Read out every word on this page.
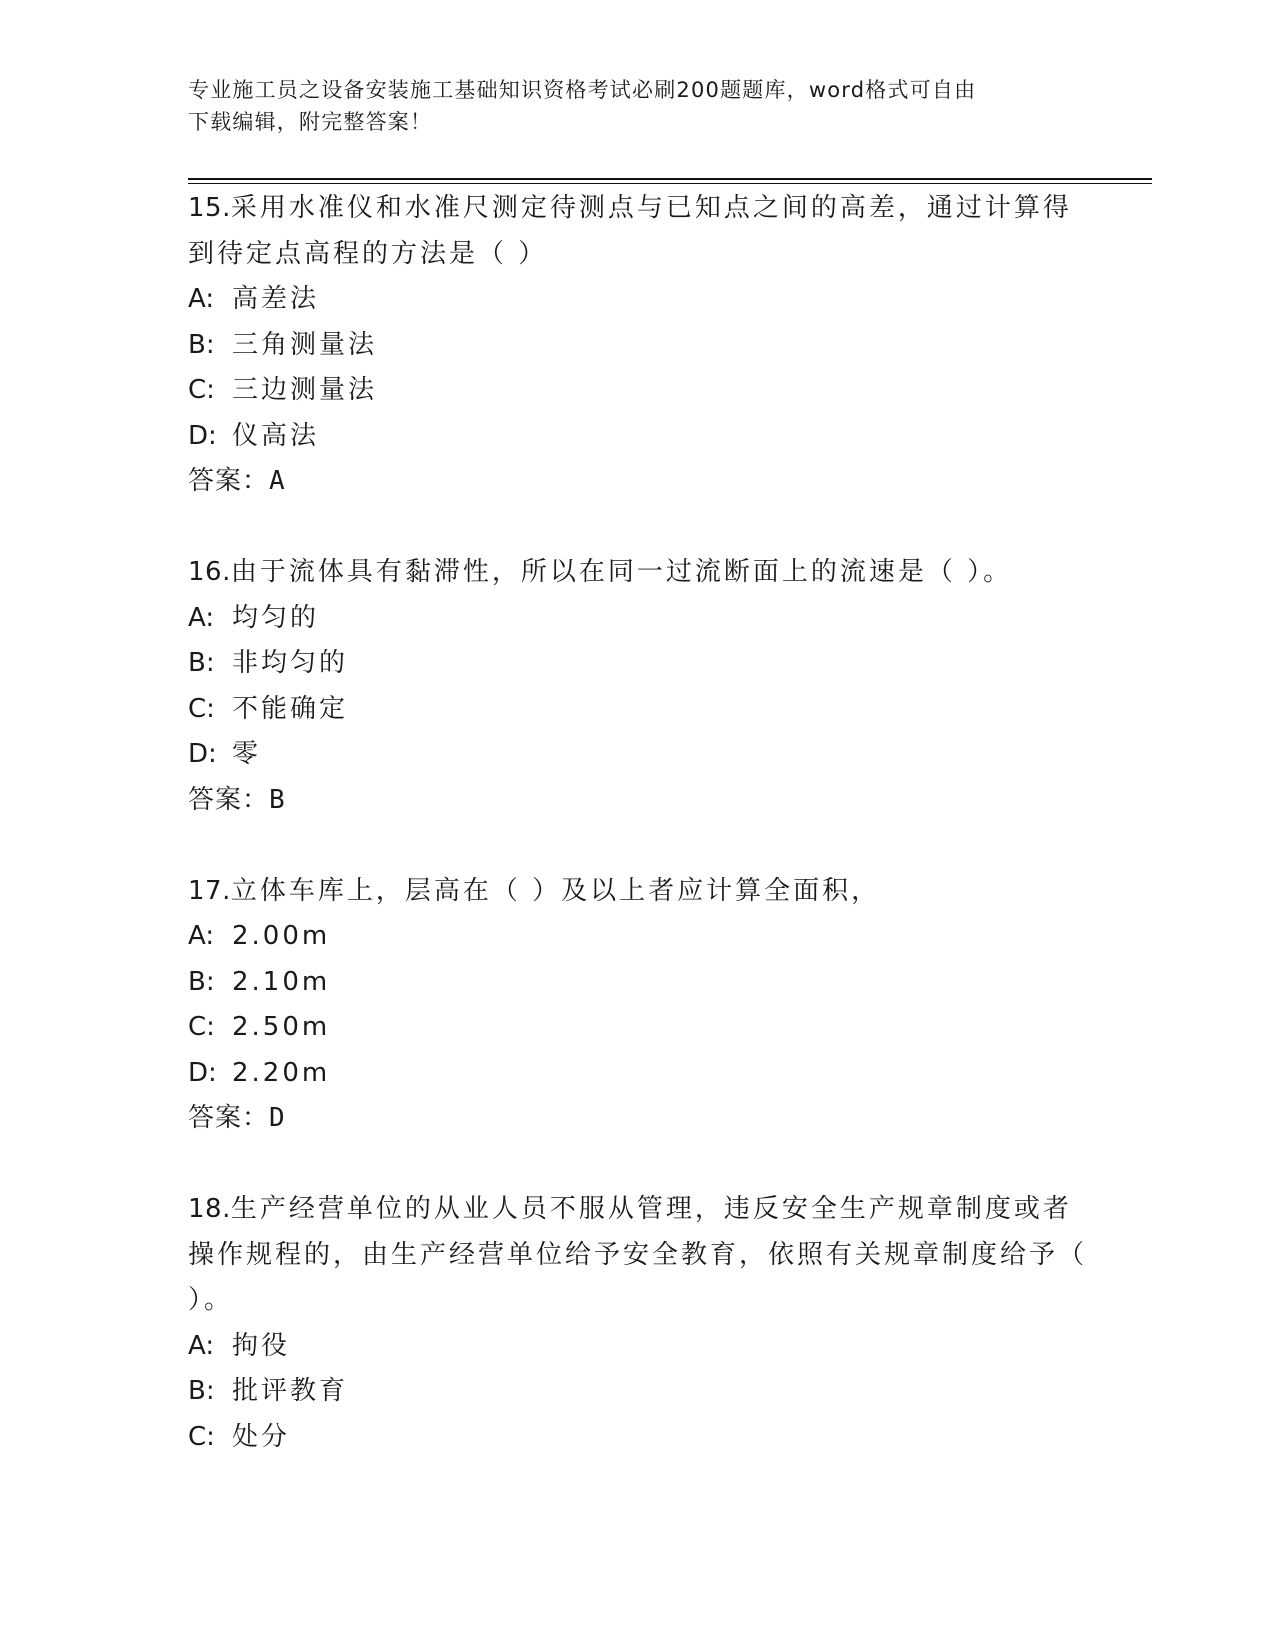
专业施工员之设备安装施工基础知识资格考试必刷200题题库，word格式可自由
下载编辑，附完整答案！
15.采用水准仪和水准尺测定待测点与已知点之间的高差，通过计算得到待定点高程的方法是（ ）
A: 高差法
B: 三角测量法
C: 三边测量法
D: 仪高法
答案：A
16.由于流体具有黏滞性，所以在同一过流断面上的流速是（ ）。
A: 均匀的
B: 非均匀的
C: 不能确定
D: 零
答案：B
17.立体车库上，层高在（ ）及以上者应计算全面积，
A: 2.00m
B: 2.10m
C: 2.50m
D: 2.20m
答案：D
18.生产经营单位的从业人员不服从管理，违反安全生产规章制度或者操作规程的，由生产经营单位给予安全教育，依照有关规章制度给予（ ）。
A: 拘役
B: 批评教育
C: 处分
